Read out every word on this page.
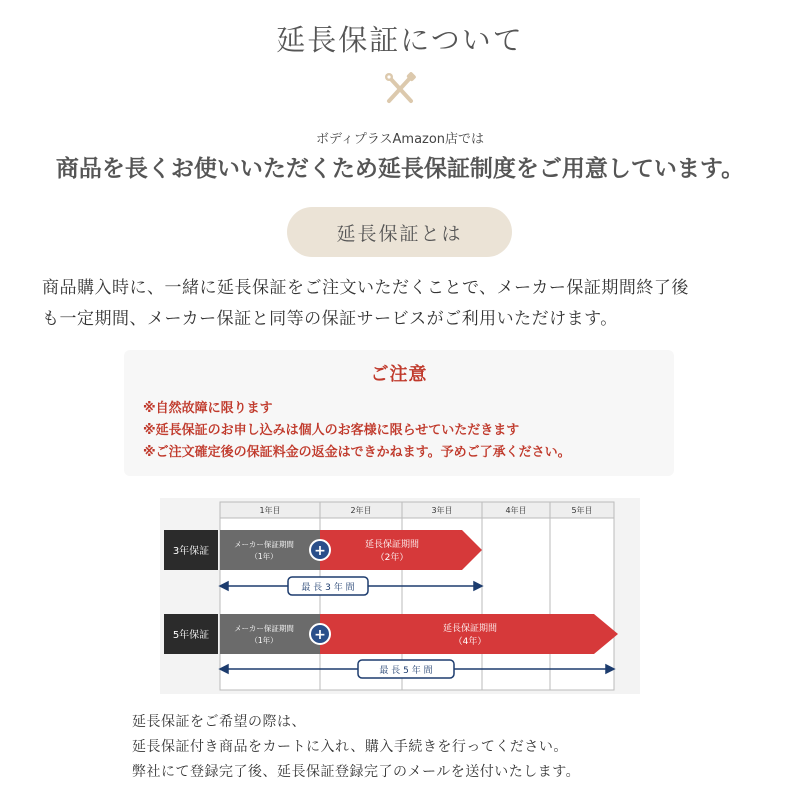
延長保証について
ボディプラスAmazon店では
商品を長くお使いいただくため延長保証制度をご用意しています。
延長保証とは
商品購入時に、一緒に延長保証をご注文いただくことで、メーカー保証期間終了後
も一定期間、メーカー保証と同等の保証サービスがご利用いただけます。
ご注意
※自然故障に限ります
※延長保証のお申し込みは個人のお客様に限らせていただきます
※ご注文確定後の保証料金の返金はできかねます。予めご了承ください。
1年目	2年目	3年目	4年目	5年目
3年保証
メーカー保証期間
（1年）
延長保証期間
（2年）
+
最 長 3 年 間
5年保証
メーカー保証期間
（1年）
延長保証期間
（4年）
+
最 長 5 年 間
延長保証をご希望の際は、
延長保証付き商品をカートに入れ、購入手続きを行ってください。
弊社にて登録完了後、延長保証登録完了のメールを送付いたします。
